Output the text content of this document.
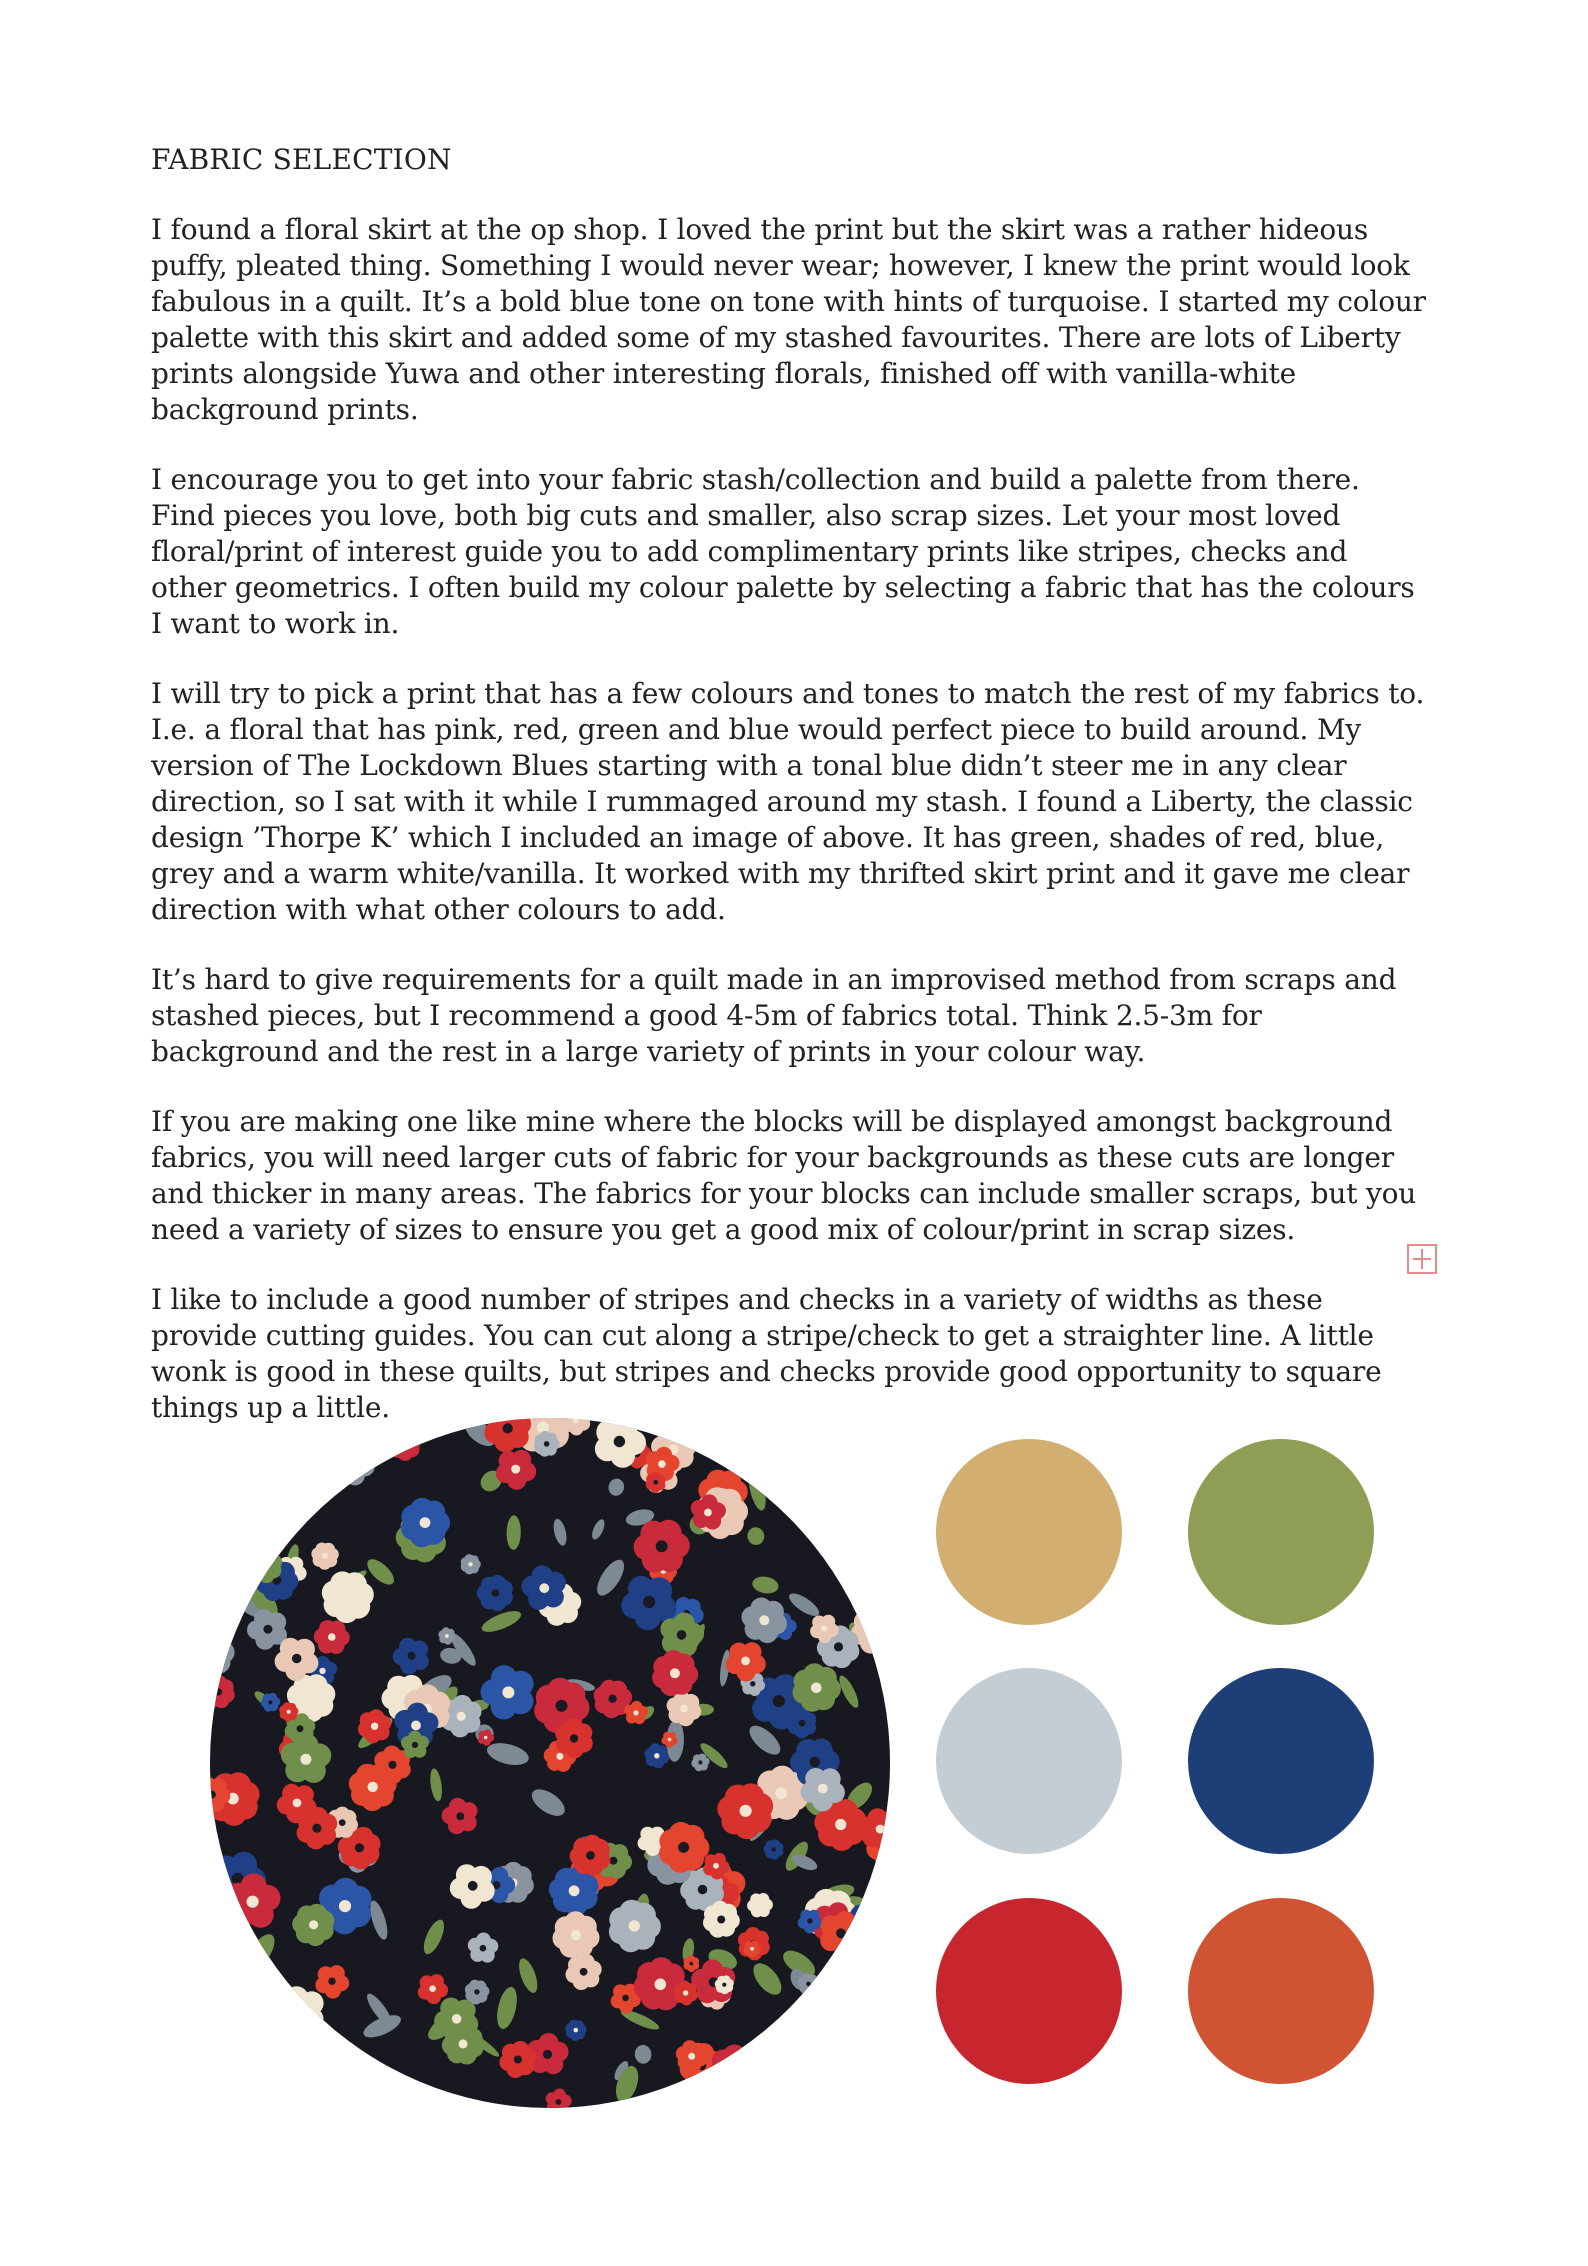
FABRIC SELECTION

I found a floral skirt at the op shop. I loved the print but the skirt was a rather hideous puffy, pleated thing. Something I would never wear; however, I knew the print would look fabulous in a quilt. It’s a bold blue tone on tone with hints of turquoise. I started my colour palette with this skirt and added some of my stashed favourites. There are lots of Liberty prints alongside Yuwa and other interesting florals, finished off with vanilla-white background prints.

I encourage you to get into your fabric stash/collection and build a palette from there. Find pieces you love, both big cuts and smaller, also scrap sizes. Let your most loved floral/print of interest guide you to add complimentary prints like stripes, checks and other geometrics. I often build my colour palette by selecting a fabric that has the colours I want to work in.

I will try to pick a print that has a few colours and tones to match the rest of my fabrics to. I.e. a floral that has pink, red, green and blue would perfect piece to build around. My version of The Lockdown Blues starting with a tonal blue didn’t steer me in any clear direction, so I sat with it while I rummaged around my stash. I found a Liberty, the classic design ’Thorpe K’ which I included an image of above. It has green, shades of red, blue, grey and a warm white/vanilla. It worked with my thrifted skirt print and it gave me clear direction with what other colours to add.

It’s hard to give requirements for a quilt made in an improvised method from scraps and stashed pieces, but I recommend a good 4-5m of fabrics total. Think 2.5-3m for background and the rest in a large variety of prints in your colour way.

If you are making one like mine where the blocks will be displayed amongst background fabrics, you will need larger cuts of fabric for your backgrounds as these cuts are longer and thicker in many areas. The fabrics for your blocks can include smaller scraps, but you need a variety of sizes to ensure you get a good mix of colour/print in scrap sizes.

I like to include a good number of stripes and checks in a variety of widths as these provide cutting guides. You can cut along a stripe/check to get a straighter line. A little wonk is good in these quilts, but stripes and checks provide good opportunity to square things up a little.
